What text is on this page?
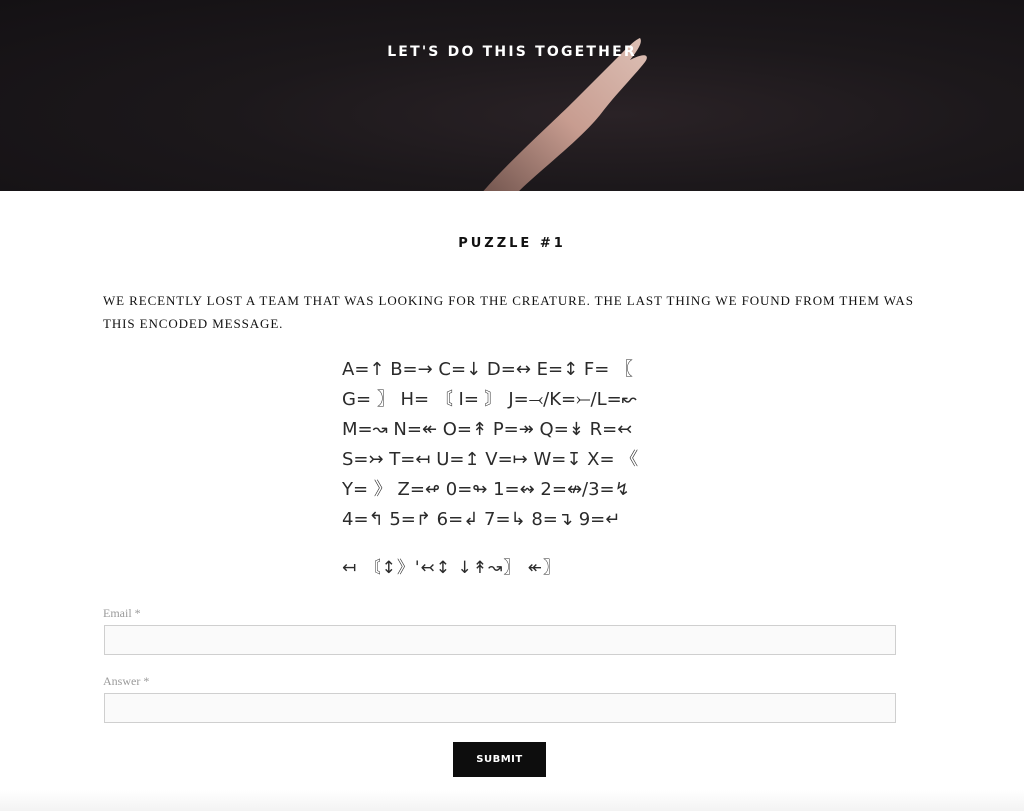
LET'S DO THIS TOGETHER
PUZZLE #1

WE RECENTLY LOST A TEAM THAT WAS LOOKING FOR THE CREATURE. THE LAST THING WE FOUND FROM THEM WAS THIS ENCODED MESSAGE.

A=↑ B=→ C=↓ D=↔ E=↕ F= 〖
G= 〗 H= 〘 I= 〙 J=⤙/K=⤚/L=↜
M=↝ N=↞ O=↟ P=↠ Q=↡ R=↢
S=↣ T=↤ U=↥ V=↦ W=↧ X= 《
Y= 》 Z=↫ 0=↬ 1=↭ 2=↮/3=↯
4=↰ 5=↱ 6=↲ 7=↳ 8=↴ 9=↵
↤ 〘↕》'↢↕ ↓↟↝〗 ↞〗
Email *
Answer *
SUBMIT
